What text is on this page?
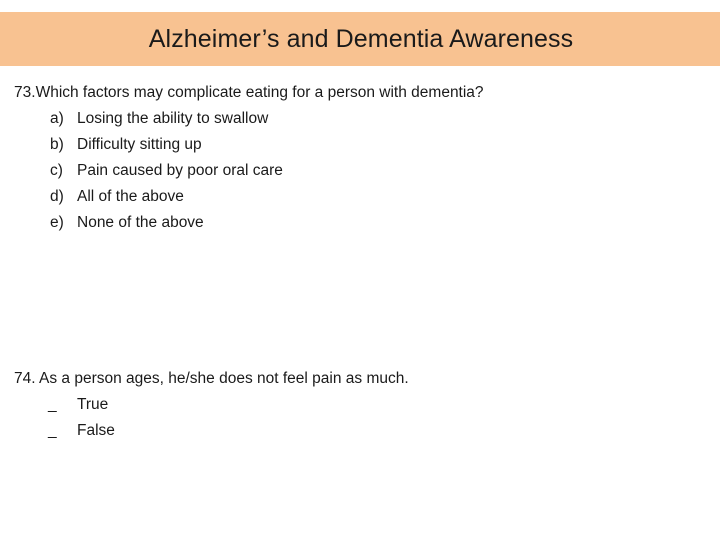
Alzheimer’s and Dementia Awareness
73.Which factors may complicate eating for a person with dementia?
a) Losing the ability to swallow
b) Difficulty sitting up
c) Pain caused by poor oral care
d) All of the above
e) None of the above
74. As a person ages, he/she does not feel pain as much.
_ True
_ False
